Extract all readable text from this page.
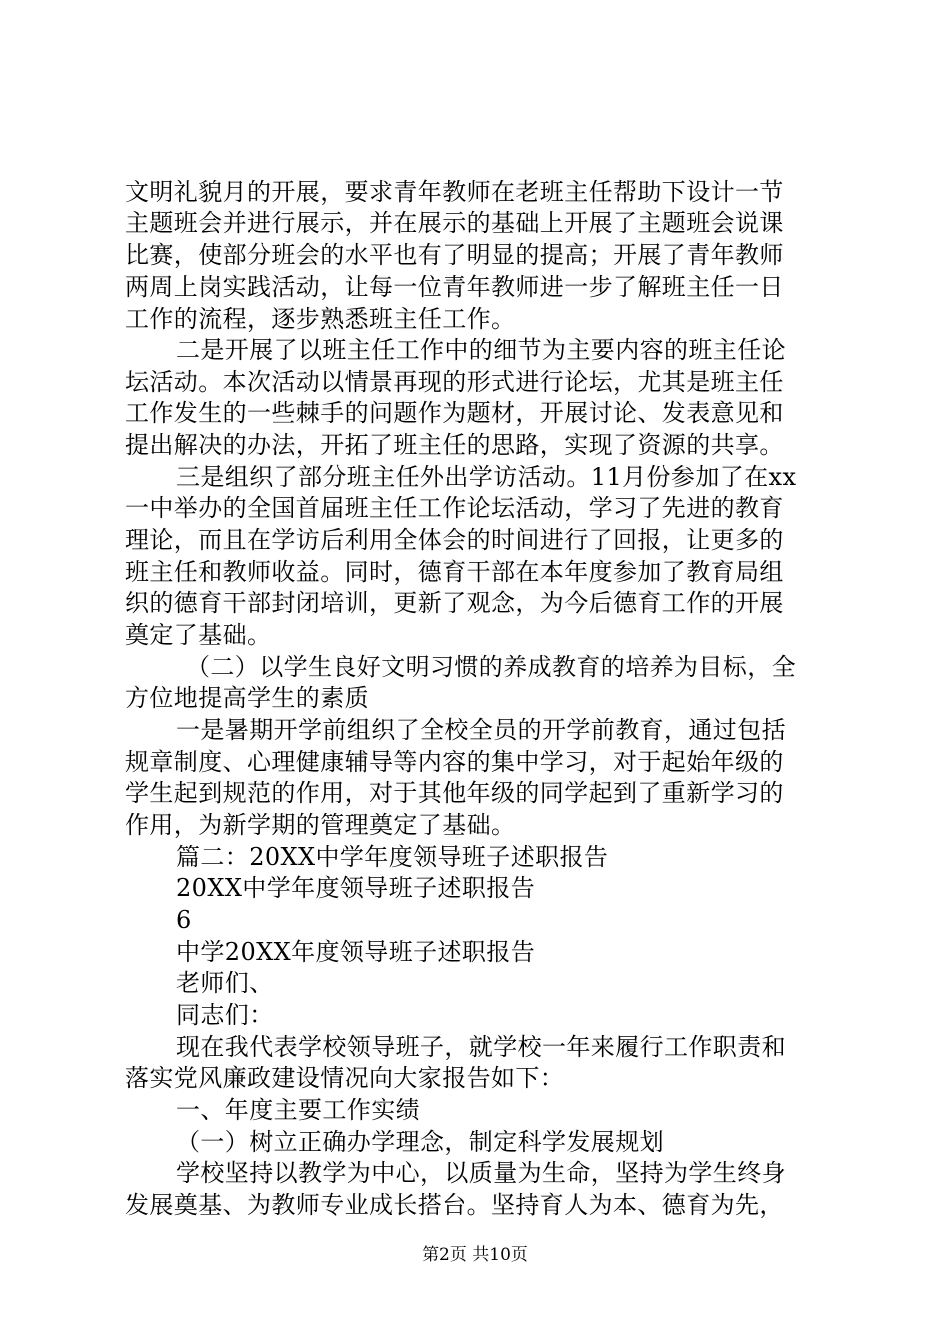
文明礼貌月的开展，要求青年教师在老班主任帮助下设计一节
主题班会并进行展示，并在展示的基础上开展了主题班会说课
比赛，使部分班会的水平也有了明显的提高；开展了青年教师
两周上岗实践活动，让每一位青年教师进一步了解班主任一日
工作的流程，逐步熟悉班主任工作。
二是开展了以班主任工作中的细节为主要内容的班主任论
坛活动。本次活动以情景再现的形式进行论坛，尤其是班主任
工作发生的一些棘手的问题作为题材，开展讨论、发表意见和
提出解决的办法，开拓了班主任的思路，实现了资源的共享。
三是组织了部分班主任外出学访活动。11月份参加了在xx
一中举办的全国首届班主任工作论坛活动，学习了先进的教育
理论，而且在学访后利用全体会的时间进行了回报，让更多的
班主任和教师收益。同时，德育干部在本年度参加了教育局组
织的德育干部封闭培训，更新了观念，为今后德育工作的开展
奠定了基础。
（二）以学生良好文明习惯的养成教育的培养为目标，全
方位地提高学生的素质
一是暑期开学前组织了全校全员的开学前教育，通过包括
规章制度、心理健康辅导等内容的集中学习，对于起始年级的
学生起到规范的作用，对于其他年级的同学起到了重新学习的
作用，为新学期的管理奠定了基础。
篇二：20XX中学年度领导班子述职报告
20XX中学年度领导班子述职报告
6
中学20XX年度领导班子述职报告
老师们、
同志们：
现在我代表学校领导班子，就学校一年来履行工作职责和
落实党风廉政建设情况向大家报告如下：
一、年度主要工作实绩
（一）树立正确办学理念，制定科学发展规划
学校坚持以教学为中心，以质量为生命，坚持为学生终身
发展奠基、为教师专业成长搭台。坚持育人为本、德育为先，
第2页 共10页
